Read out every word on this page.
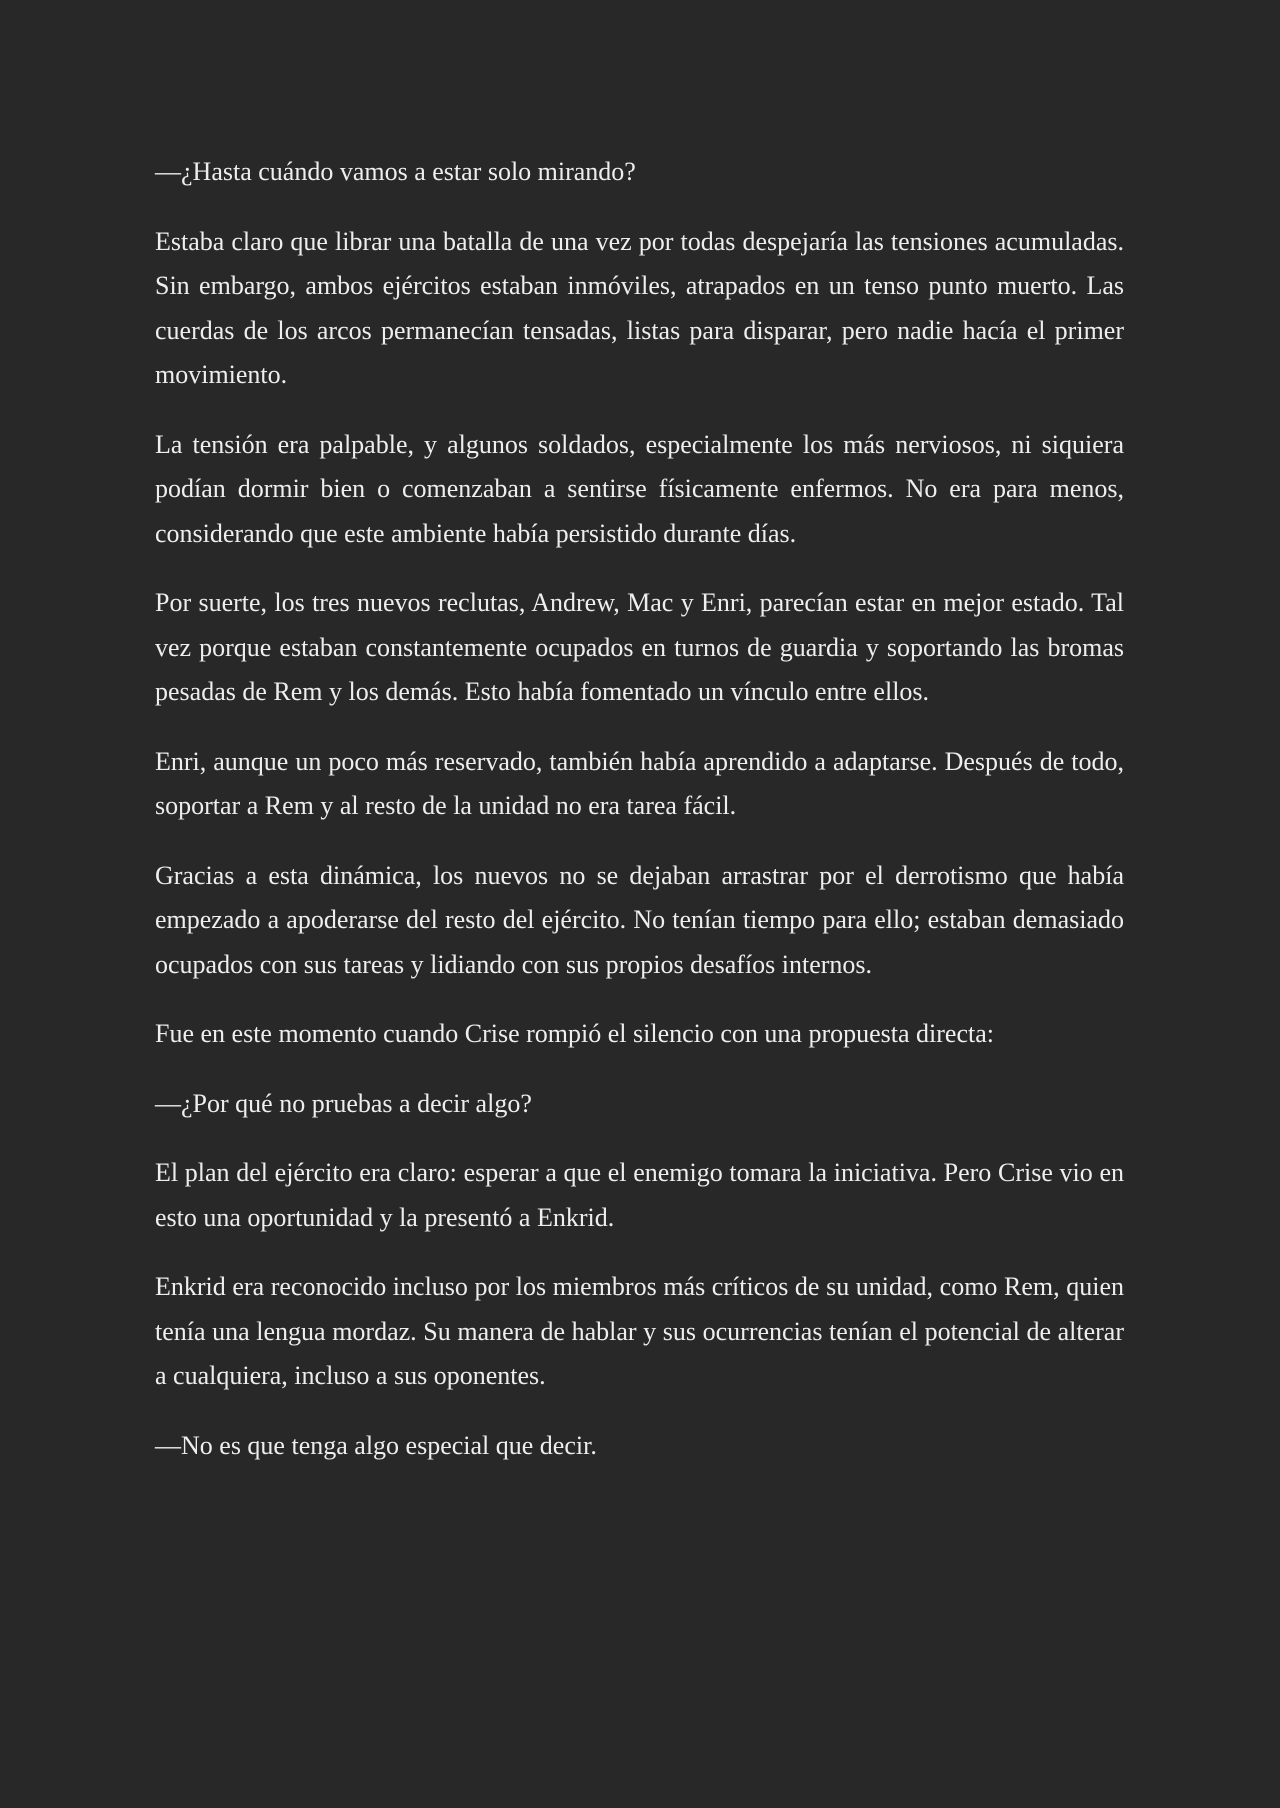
—¿Hasta cuándo vamos a estar solo mirando?

Estaba claro que librar una batalla de una vez por todas despejaría las tensiones acumuladas. Sin embargo, ambos ejércitos estaban inmóviles, atrapados en un tenso punto muerto. Las cuerdas de los arcos permanecían tensadas, listas para disparar, pero nadie hacía el primer movimiento.

La tensión era palpable, y algunos soldados, especialmente los más nerviosos, ni siquiera podían dormir bien o comenzaban a sentirse físicamente enfermos. No era para menos, considerando que este ambiente había persistido durante días.

Por suerte, los tres nuevos reclutas, Andrew, Mac y Enri, parecían estar en mejor estado. Tal vez porque estaban constantemente ocupados en turnos de guardia y soportando las bromas pesadas de Rem y los demás. Esto había fomentado un vínculo entre ellos.

Enri, aunque un poco más reservado, también había aprendido a adaptarse. Después de todo, soportar a Rem y al resto de la unidad no era tarea fácil.

Gracias a esta dinámica, los nuevos no se dejaban arrastrar por el derrotismo que había empezado a apoderarse del resto del ejército. No tenían tiempo para ello; estaban demasiado ocupados con sus tareas y lidiando con sus propios desafíos internos.

Fue en este momento cuando Crise rompió el silencio con una propuesta directa:

—¿Por qué no pruebas a decir algo?

El plan del ejército era claro: esperar a que el enemigo tomara la iniciativa. Pero Crise vio en esto una oportunidad y la presentó a Enkrid.

Enkrid era reconocido incluso por los miembros más críticos de su unidad, como Rem, quien tenía una lengua mordaz. Su manera de hablar y sus ocurrencias tenían el potencial de alterar a cualquiera, incluso a sus oponentes.

—No es que tenga algo especial que decir.
